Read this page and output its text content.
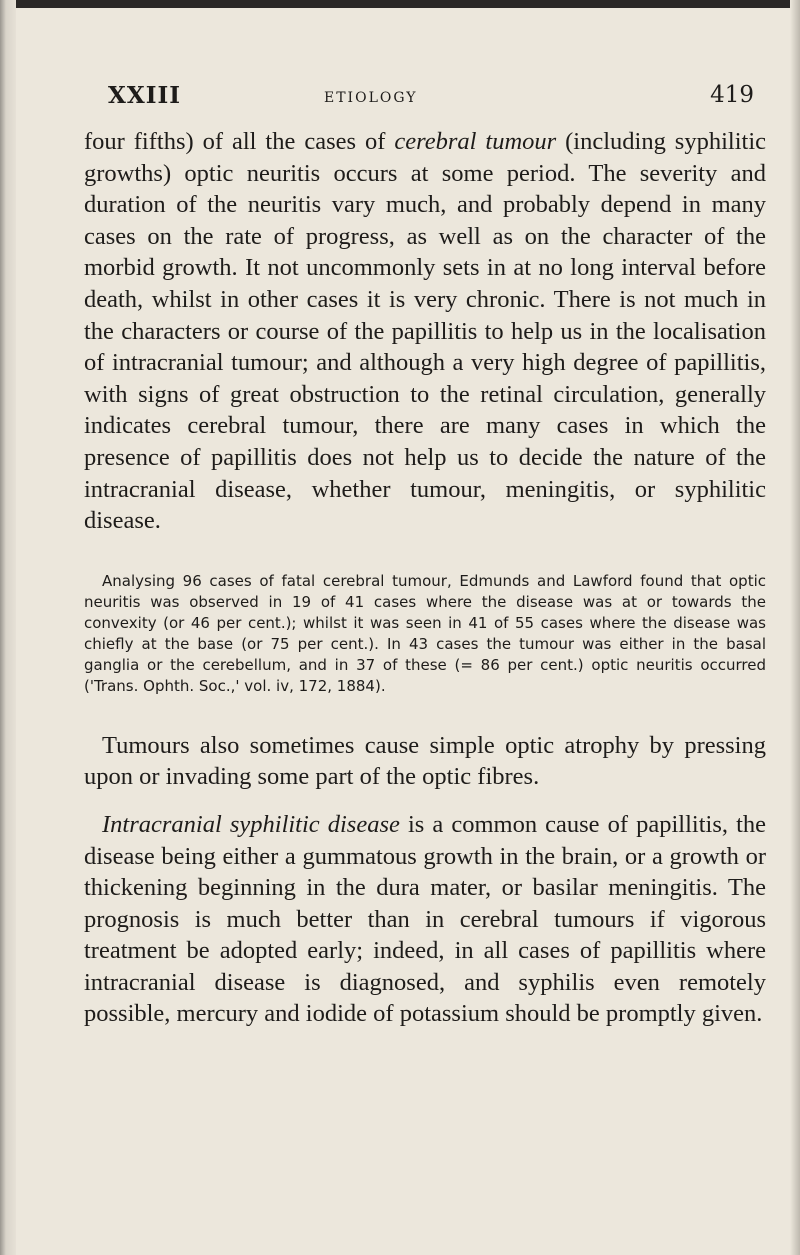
XXIII	ETIOLOGY	419

four fifths) of all the cases of cerebral tumour (including syphilitic growths) optic neuritis occurs at some period. The severity and duration of the neuritis vary much, and probably depend in many cases on the rate of progress, as well as on the character of the morbid growth. It not uncommonly sets in at no long interval before death, whilst in other cases it is very chronic. There is not much in the characters or course of the papillitis to help us in the localisation of intracranial tumour; and although a very high degree of papillitis, with signs of great obstruction to the retinal circulation, generally indicates cerebral tumour, there are many cases in which the presence of papillitis does not help us to decide the nature of the intracranial disease, whether tumour, meningitis, or syphilitic disease.

Analysing 96 cases of fatal cerebral tumour, Edmunds and Lawford found that optic neuritis was observed in 19 of 41 cases where the disease was at or towards the convexity (or 46 per cent.); whilst it was seen in 41 of 55 cases where the disease was chiefly at the base (or 75 per cent.). In 43 cases the tumour was either in the basal ganglia or the cerebellum, and in 37 of these (= 86 per cent.) optic neuritis occurred ('Trans. Ophth. Soc.,' vol. iv, 172, 1884).

Tumours also sometimes cause simple optic atrophy by pressing upon or invading some part of the optic fibres.

Intracranial syphilitic disease is a common cause of papillitis, the disease being either a gummatous growth in the brain, or a growth or thickening beginning in the dura mater, or basilar meningitis. The prognosis is much better than in cerebral tumours if vigorous treatment be adopted early; indeed, in all cases of papillitis where intracranial disease is diagnosed, and syphilis even remotely possible, mercury and iodide of potassium should be promptly given.
